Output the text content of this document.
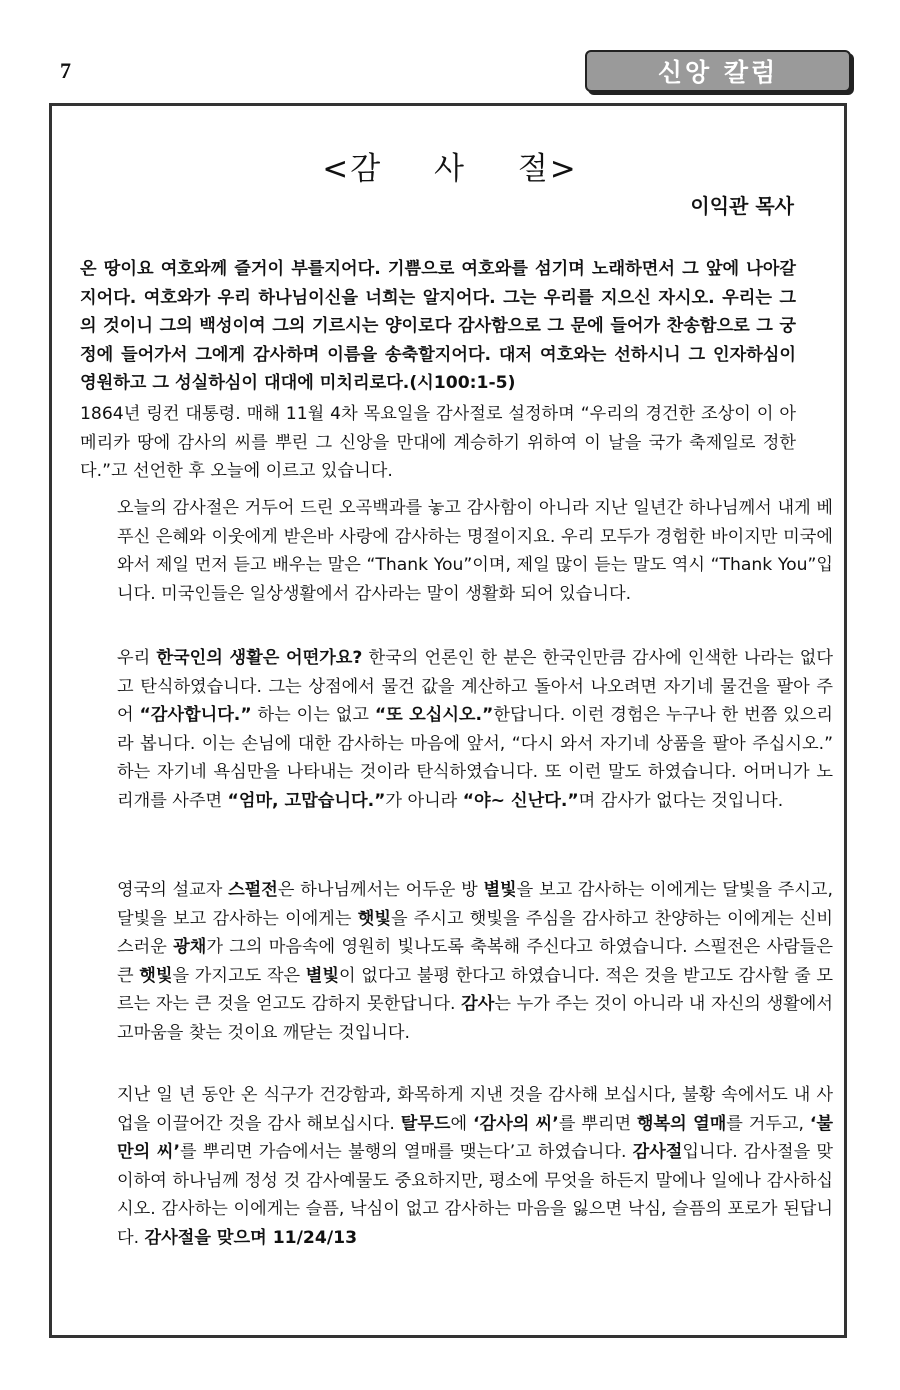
7	신앙 칼럼
<감 사 절>
이익관 목사
온 땅이요 여호와께 즐거이 부를지어다. 기쁨으로 여호와를 섬기며 노래하면서 그 앞에 나아갈지어다. 여호와가 우리 하나님이신을 너희는 알지어다. 그는 우리를 지으신 자시오. 우리는 그의 것이니 그의 백성이여 그의 기르시는 양이로다 감사함으로 그 문에 들어가 찬송함으로 그 궁정에 들어가서 그에게 감사하며 이름을 송축할지어다. 대저 여호와는 선하시니 그 인자하심이 영원하고 그 성실하심이 대대에 미치리로다.(시100:1-5)
1864년 링컨 대통령. 매해 11월 4차 목요일을 감사절로 설정하며 “우리의 경건한 조상이 이 아메리카 땅에 감사의 씨를 뿌린 그 신앙을 만대에 계승하기 위하여 이 날을 국가 축제일로 정한다.”고 선언한 후 오늘에 이르고 있습니다.
오늘의 감사절은 거두어 드린 오곡백과를 놓고 감사함이 아니라 지난 일년간 하나님께서 내게 베푸신 은혜와 이웃에게 받은바 사랑에 감사하는 명절이지요. 우리 모두가 경험한 바이지만 미국에 와서 제일 먼저 듣고 배우는 말은 “Thank You”이며, 제일 많이 듣는 말도 역시 “Thank You”입니다. 미국인들은 일상생활에서 감사라는 말이 생활화 되어 있습니다.
우리 한국인의 생활은 어떤가요? 한국의 언론인 한 분은 한국인만큼 감사에 인색한 나라는 없다고 탄식하였습니다. 그는 상점에서 물건 값을 계산하고 돌아서 나오려면 자기네 물건을 팔아 주어 “감사합니다.” 하는 이는 없고 “또 오십시오.”한답니다. 이런 경험은 누구나 한 번쯤 있으리라 봅니다. 이는 손님에 대한 감사하는 마음에 앞서, “다시 와서 자기네 상품을 팔아 주십시오.” 하는 자기네 욕심만을 나타내는 것이라 탄식하였습니다. 또 이런 말도 하였습니다. 어머니가 노리개를 사주면 “엄마, 고맙습니다.”가 아니라 “야~ 신난다.”며 감사가 없다는 것입니다.
영국의 설교자 스펄전은 하나님께서는 어두운 방 별빛을 보고 감사하는 이에게는 달빛을 주시고, 달빛을 보고 감사하는 이에게는 햇빛을 주시고 햇빛을 주심을 감사하고 찬양하는 이에게는 신비스러운 광채가 그의 마음속에 영원히 빛나도록 축복해 주신다고 하였습니다. 스펄전은 사람들은 큰 햇빛을 가지고도 작은 별빛이 없다고 불평 한다고 하였습니다. 적은 것을 받고도 감사할 줄 모르는 자는 큰 것을 얻고도 감하지 못한답니다. 감사는 누가 주는 것이 아니라 내 자신의 생활에서 고마움을 찾는 것이요 깨닫는 것입니다.
지난 일 년 동안 온 식구가 건강함과, 화목하게 지낸 것을 감사해 보십시다, 불황 속에서도 내 사업을 이끌어간 것을 감사 해보십시다. 탈무드에 ‘감사의 씨’를 뿌리면 행복의 열매를 거두고, ‘불만의 씨’를 뿌리면 가슴에서는 불행의 열매를 맺는다’고 하였습니다. 감사절입니다. 감사절을 맞이하여 하나님께 정성 것 감사예물도 중요하지만, 평소에 무엇을 하든지 말에나 일에나 감사하십시오. 감사하는 이에게는 슬픔, 낙심이 없고 감사하는 마음을 잃으면 낙심, 슬픔의 포로가 된답니다. 감사절을 맞으며 11/24/13
